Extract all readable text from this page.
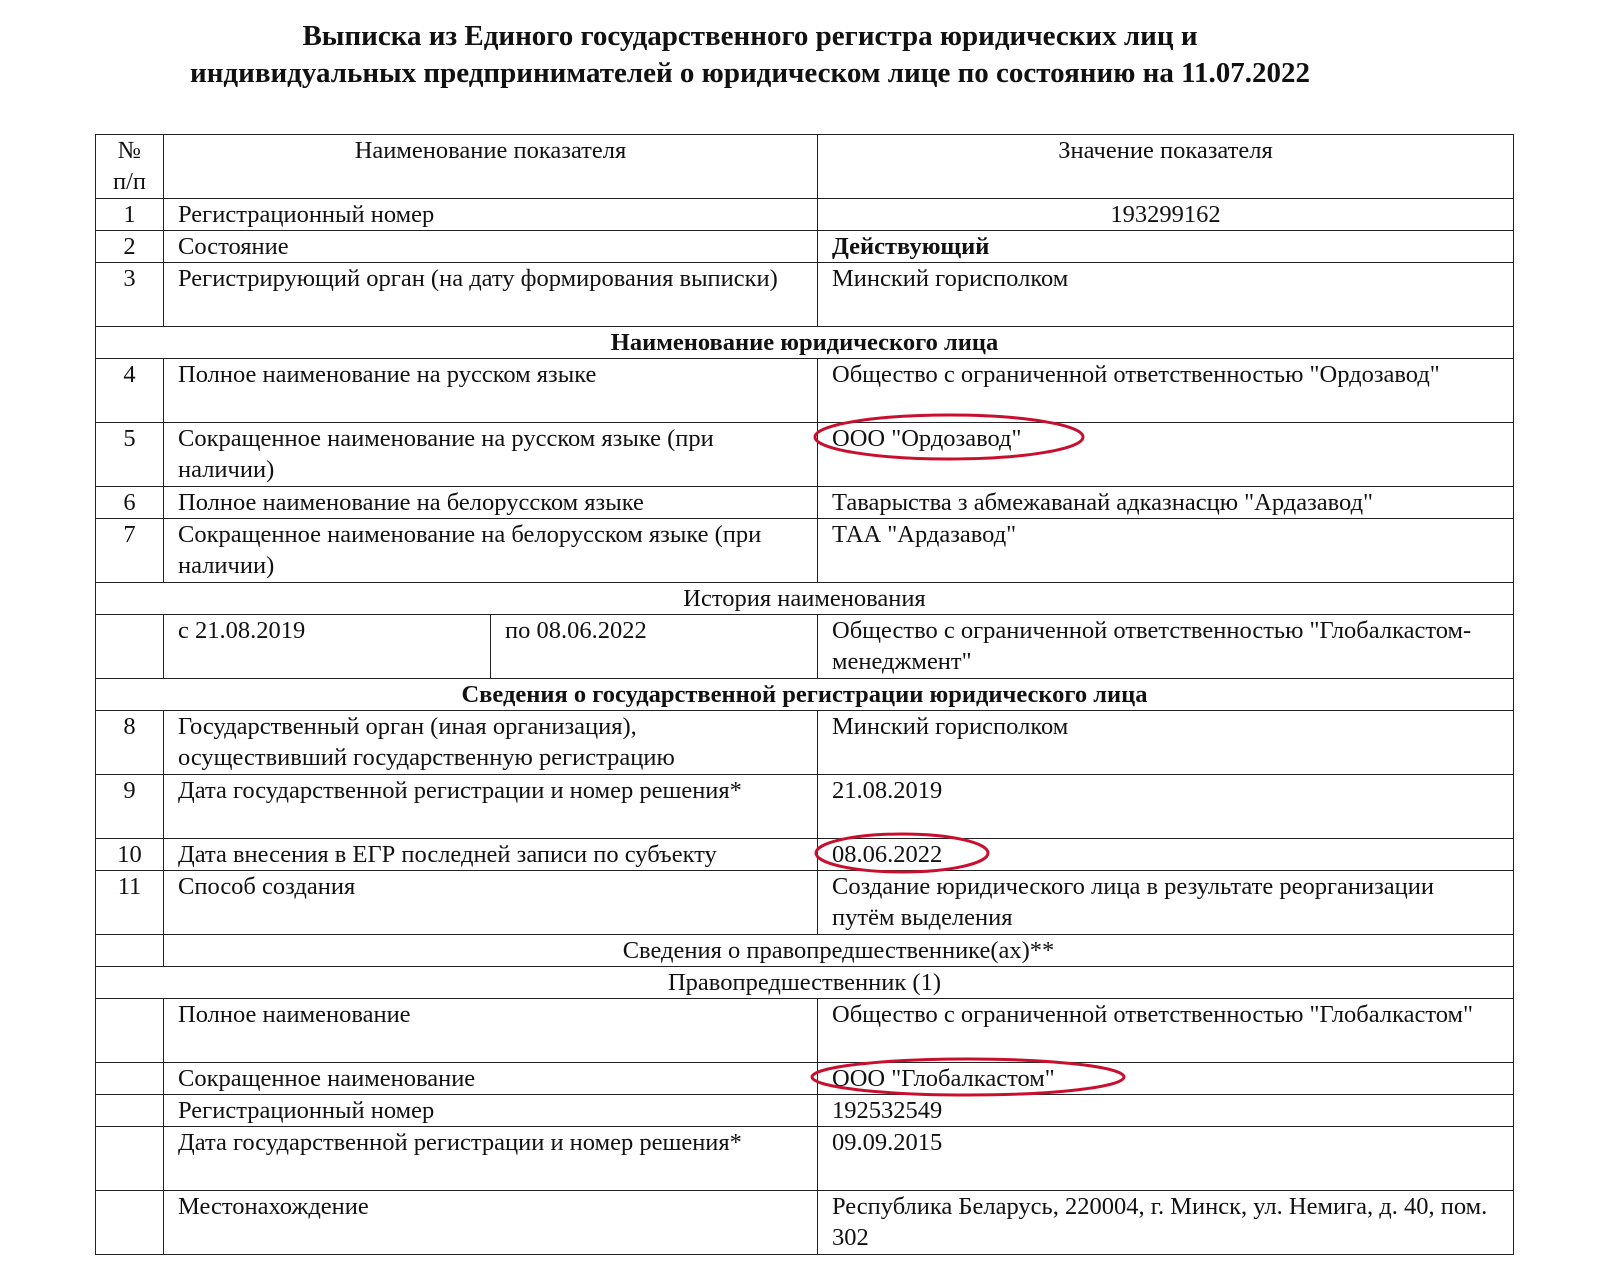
Выписка из Единого государственного регистра юридических лиц и
индивидуальных предпринимателей о юридическом лице по состоянию на 11.07.2022
№ п/п	Наименование показателя		Значение показателя
1	Регистрационный номер		193299162
2	Состояние		Действующий
3	Регистрирующий орган (на дату формирования выписки)		Минский горисполком
Наименование юридического лица			
4	Полное наименование на русском языке		Общество с ограниченной ответственностью "Ордозавод"
5	Сокращенное наименование на русском языке (при наличии)		ООО "Ордозавод"

6	Полное наименование на белорусском языке		Таварыства з абмежаванай адказнасцю "Ардазавод"
7	Сокращенное наименование на белорусском языке (при наличии)		ТАА "Ардазавод"
История наименования			
	с 21.08.2019	по 08.06.2022	Общество с ограниченной ответственностью "Глобалкастом-менеджмент"
Сведения о государственной регистрации юридического лица			
8	Государственный орган (иная организация), осуществивший государственную регистрацию		Минский горисполком
9	Дата государственной регистрации и номер решения*		21.08.2019
10	Дата внесения в ЕГР последней записи по субъекту		08.06.2022

11	Способ создания		Создание юридического лица в результате реорганизации путём выделения
	Сведения о правопредшественнике(ах)**		
Правопредшественник (1)			
	Полное наименование		Общество с ограниченной ответственностью "Глобалкастом"
	Сокращенное наименование		ООО "Глобалкастом"

	Регистрационный номер		192532549
	Дата государственной регистрации и номер решения*		09.09.2015
	Местонахождение		Республика Беларусь, 220004, г. Минск, ул. Немига, д. 40, пом. 302
